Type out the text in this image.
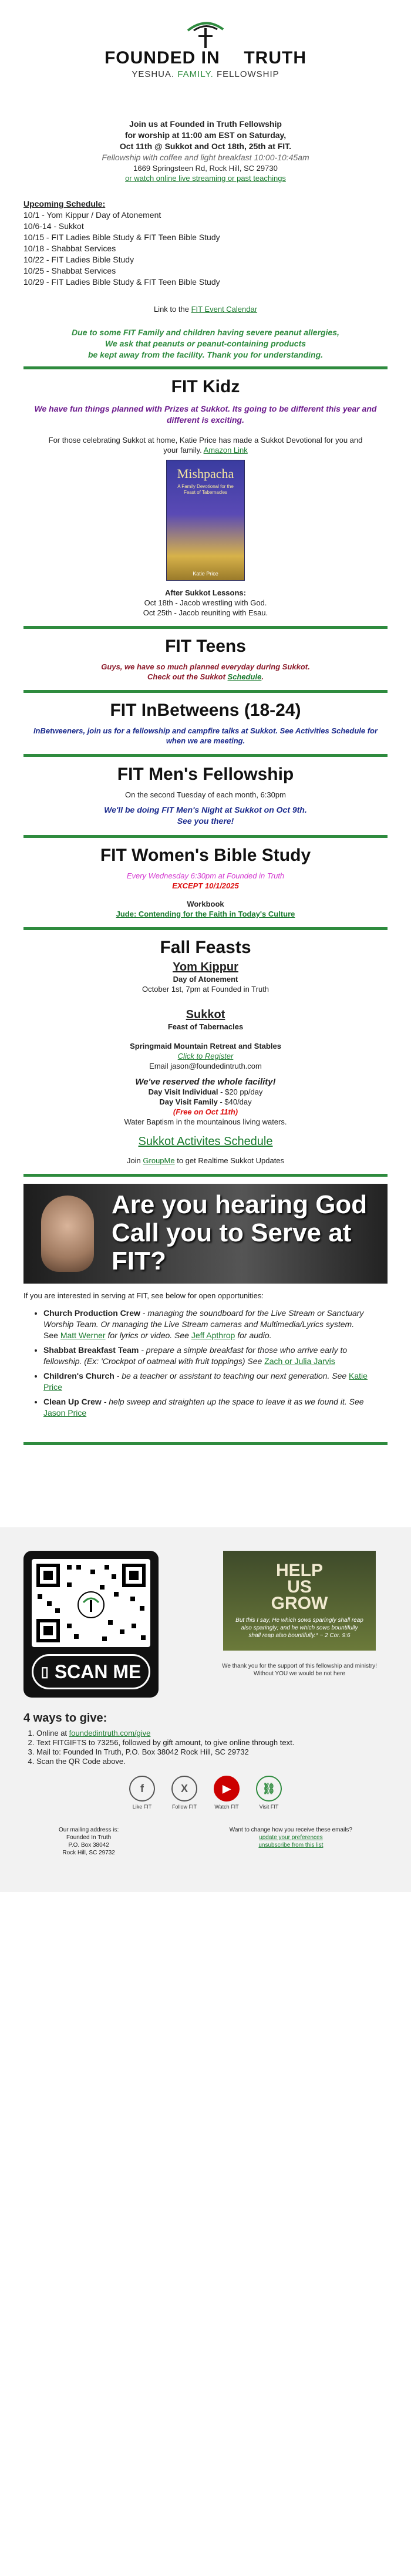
FOUNDED IN TRUTH
YESHUA. FAMILY. FELLOWSHIP
Join us at Founded in Truth Fellowship
for worship at 11:00 am EST on Saturday,
Oct 11th @ Sukkot and Oct 18th, 25th at FIT.
Fellowship with coffee and light breakfast 10:00-10:45am
1669 Springsteen Rd, Rock Hill, SC 29730
or watch online live streaming or past teachings
Upcoming Schedule:
10/1 - Yom Kippur / Day of Atonement
10/6-14 - Sukkot
10/15 - FIT Ladies Bible Study & FIT Teen Bible Study
10/18 - Shabbat Services
10/22 - FIT Ladies Bible Study
10/25 - Shabbat Services
10/29 - FIT Ladies Bible Study & FIT Teen Bible Study
Link to the FIT Event Calendar
Due to some FIT Family and children having severe peanut allergies,
We ask that peanuts or peanut-containing products
be kept away from the facility. Thank you for understanding.
FIT Kidz
We have fun things planned with Prizes at Sukkot. Its going to be different this year and different is exciting.
For those celebrating Sukkot at home, Katie Price has made a Sukkot Devotional for you and your family. Amazon Link
Mishpacha
A Family Devotional for the Feast of Tabernacles
Katie Price
After Sukkot Lessons:
Oct 18th - Jacob wrestling with God.
Oct 25th - Jacob reuniting with Esau.
FIT Teens
Guys, we have so much planned everyday during Sukkot.
Check out the Sukkot Schedule.
FIT InBetweens (18-24)
InBetweeners, join us for a fellowship and campfire talks at Sukkot. See Activities Schedule for when we are meeting.
FIT Men's Fellowship
On the second Tuesday of each month, 6:30pm
We'll be doing FIT Men's Night at Sukkot on Oct 9th.
See you there!
FIT Women's Bible Study
Every Wednesday 6:30pm at Founded in Truth
EXCEPT 10/1/2025
Workbook
Jude: Contending for the Faith in Today's Culture
Fall Feasts
Yom Kippur
Day of Atonement
October 1st, 7pm at Founded in Truth
Sukkot
Feast of Tabernacles
Springmaid Mountain Retreat and Stables
Click to Register
Email jason@foundedintruth.com
We've reserved the whole facility!
Day Visit Individual - $20 pp/day
Day Visit Family - $40/day
(Free on Oct 11th)
Water Baptism in the mountainous living waters.
Sukkot Activites Schedule
Join GroupMe to get Realtime Sukkot Updates
Are you hearing God Call you to Serve at FIT?
If you are interested in serving at FIT, see below for open opportunities:
• Church Production Crew - managing the soundboard for the Live Stream or Sanctuary Worship Team. Or managing the Live Stream cameras and Multimedia/Lyrics system.
See Matt Werner for lyrics or video. See Jeff Apthrop for audio.
• Shabbat Breakfast Team - prepare a simple breakfast for those who arrive early to fellowship. (Ex: 'Crockpot of oatmeal with fruit toppings) See Zach or Julia Jarvis
• Children's Church - be a teacher or assistant to teaching our next generation. See Katie Price
• Clean Up Crew - help sweep and straighten up the space to leave it as we found it. See Jason Price
▯ SCAN ME
HELP
US
GROW
But this I say, He which sows sparingly shall reap also sparingly; and he which sows bountifully shall reap also bountifully.* ~ 2 Cor. 9:6
We thank you for the support of this fellowship and ministry! Without YOU we would be not here
4 ways to give:
1. Online at foundedintruth.com/give
2. Text FITGIFTS to 73256, followed by gift amount, to give online through text.
3. Mail to: Founded In Truth, P.O. Box 38042 Rock Hill, SC 29732
4. Scan the QR Code above.
f
Like FIT
X
Follow FIT
▶
Watch FIT
⛓
Visit FIT
Our mailing address is:
Founded In Truth
P.O. Box 38042
Rock Hill, SC 29732
Want to change how you receive these emails?
update your preferences
unsubscribe from this list
